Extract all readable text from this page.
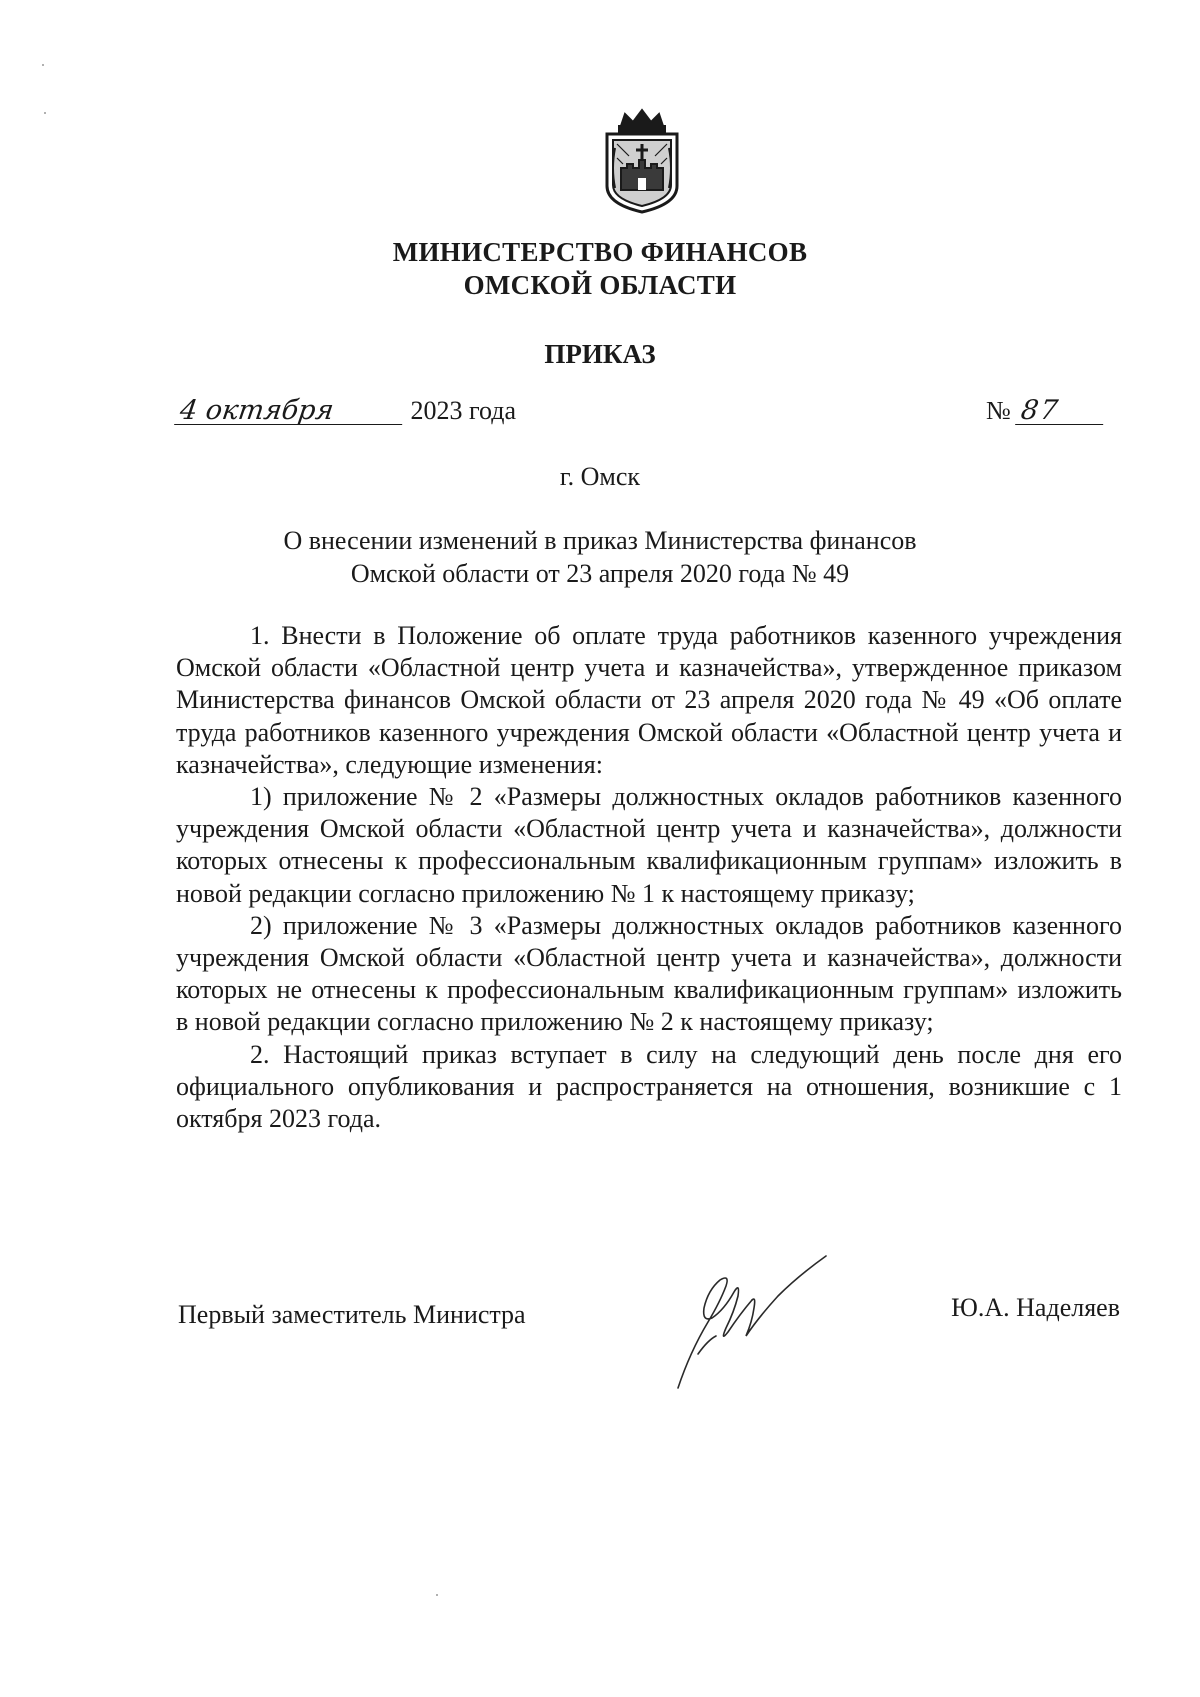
МИНИСТЕРСТВО ФИНАНСОВ
ОМСКОЙ ОБЛАСТИ
ПРИКАЗ
4 октября	2023 года	№ 87
г. Омск
О внесении изменений в приказ Министерства финансов
Омской области от 23 апреля 2020 года № 49

1. Внести в Положение об оплате труда работников казенного учреждения Омской области «Областной центр учета и казначейства», утвержденное приказом Министерства финансов Омской области от 23 апреля 2020 года № 49 «Об оплате труда работников казенного учреждения Омской области «Областной центр учета и казначейства», следующие изменения:

1) приложение № 2 «Размеры должностных окладов работников казенного учреждения Омской области «Областной центр учета и казначейства», должности которых отнесены к профессиональным квалификационным группам» изложить в новой редакции согласно приложению № 1 к настоящему приказу;

2) приложение № 3 «Размеры должностных окладов работников казенного учреждения Омской области «Областной центр учета и казначейства», должности которых не отнесены к профессиональным квалификационным группам» изложить в новой редакции согласно приложению № 2 к настоящему приказу;

2. Настоящий приказ вступает в силу на следующий день после дня его официального опубликования и распространяется на отношения, возникшие с 1 октября 2023 года.

Первый заместитель Министра	Ю.А. Наделяев
